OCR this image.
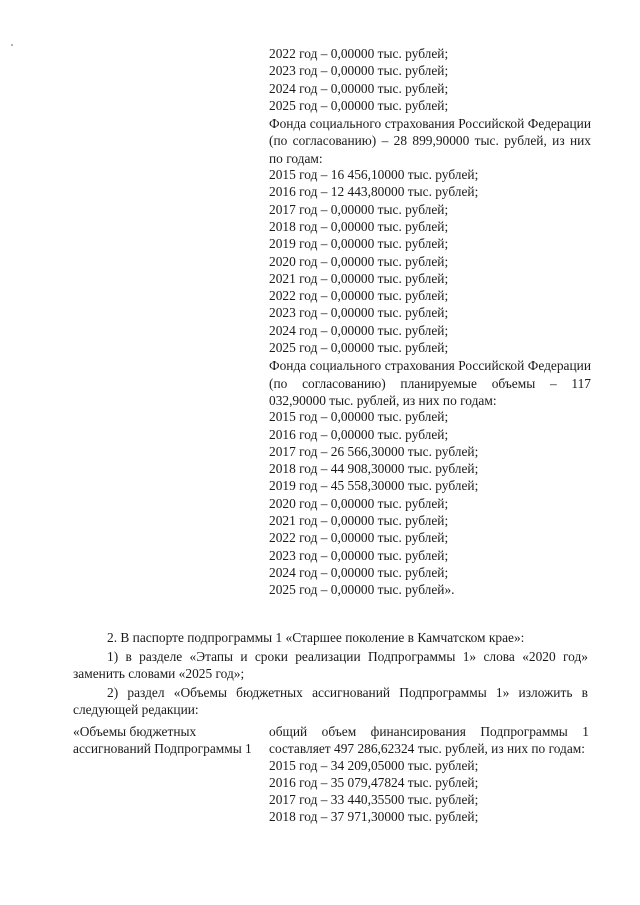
2022 год – 0,00000 тыс. рублей;
2023 год – 0,00000 тыс. рублей;
2024 год – 0,00000 тыс. рублей;
2025 год – 0,00000 тыс. рублей;
Фонда социального страхования Российской Федерации (по согласованию) – 28 899,90000 тыс. рублей, из них по годам:
2015 год – 16 456,10000 тыс. рублей;
2016 год – 12 443,80000 тыс. рублей;
2017 год – 0,00000 тыс. рублей;
2018 год – 0,00000 тыс. рублей;
2019 год – 0,00000 тыс. рублей;
2020 год – 0,00000 тыс. рублей;
2021 год – 0,00000 тыс. рублей;
2022 год – 0,00000 тыс. рублей;
2023 год – 0,00000 тыс. рублей;
2024 год – 0,00000 тыс. рублей;
2025 год – 0,00000 тыс. рублей;
Фонда социального страхования Российской Федерации (по согласованию) планируемые объемы – 117 032,90000 тыс. рублей, из них по годам:
2015 год – 0,00000 тыс. рублей;
2016 год – 0,00000 тыс. рублей;
2017 год – 26 566,30000 тыс. рублей;
2018 год – 44 908,30000 тыс. рублей;
2019 год – 45 558,30000 тыс. рублей;
2020 год – 0,00000 тыс. рублей;
2021 год – 0,00000 тыс. рублей;
2022 год – 0,00000 тыс. рублей;
2023 год – 0,00000 тыс. рублей;
2024 год – 0,00000 тыс. рублей;
2025 год – 0,00000 тыс. рублей».
2. В паспорте подпрограммы 1 «Старшее поколение в Камчатском крае»:
1) в разделе «Этапы и сроки реализации Подпрограммы 1» слова «2020 год» заменить словами «2025 год»;
2) раздел «Объемы бюджетных ассигнований Подпрограммы 1» изложить в следующей редакции:
«Объемы бюджетных ассигнований Подпрограммы 1
общий объем финансирования Подпрограммы 1 составляет 497 286,62324 тыс. рублей, из них по годам:
2015 год – 34 209,05000 тыс. рублей;
2016 год – 35 079,47824 тыс. рублей;
2017 год – 33 440,35500 тыс. рублей;
2018 год – 37 971,30000 тыс. рублей;
